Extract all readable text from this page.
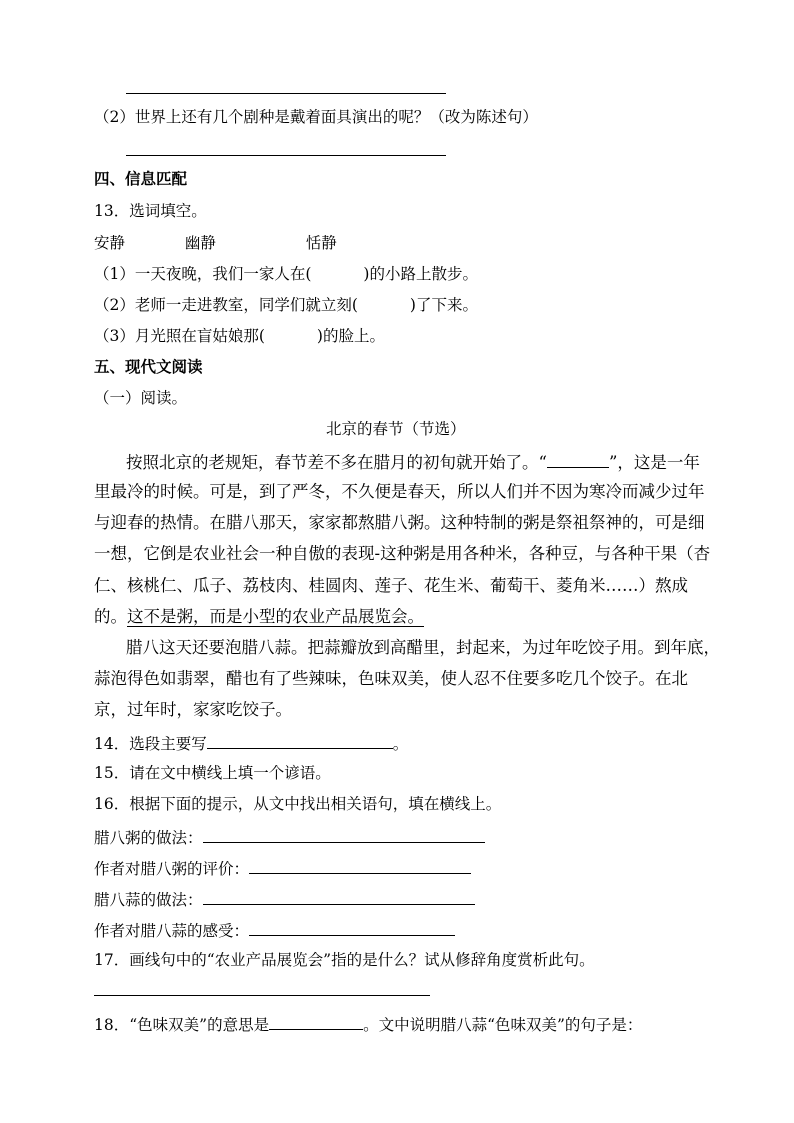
（2）世界上还有几个剧种是戴着面具演出的呢？（改为陈述句）
四、信息匹配
13．选词填空。
安静	幽静	恬静
（1）一天夜晚，我们一家人在(	)的小路上散步。
（2）老师一走进教室，同学们就立刻(	)了下来。
（3）月光照在盲姑娘那(	)的脸上。
五、现代文阅读
（一）阅读。
北京的春节（节选）
按照北京的老规矩，春节差不多在腊月的初旬就开始了。“	”，这是一年
里最冷的时候。可是，到了严冬，不久便是春天，所以人们并不因为寒冷而减少过年
与迎春的热情。在腊八那天，家家都熬腊八粥。这种特制的粥是祭祖祭神的，可是细
一想，它倒是农业社会一种自傲的表现-这种粥是用各种米，各种豆，与各种干果（杏
仁、核桃仁、瓜子、荔枝肉、桂圆肉、莲子、花生米、葡萄干、菱角米……）熬成
的。这不是粥，而是小型的农业产品展览会。
腊八这天还要泡腊八蒜。把蒜瓣放到高醋里，封起来，为过年吃饺子用。到年底，
蒜泡得色如翡翠，醋也有了些辣味，色味双美，使人忍不住要多吃几个饺子。在北
京，过年时，家家吃饺子。
14．选段主要写	。
15．请在文中横线上填一个谚语。
16．根据下面的提示，从文中找出相关语句，填在横线上。
腊八粥的做法：
作者对腊八粥的评价：
腊八蒜的做法：
作者对腊八蒜的感受：
17．画线句中的“农业产品展览会”指的是什么？试从修辞角度赏析此句。
18．“色味双美”的意思是	。文中说明腊八蒜“色味双美”的句子是：
